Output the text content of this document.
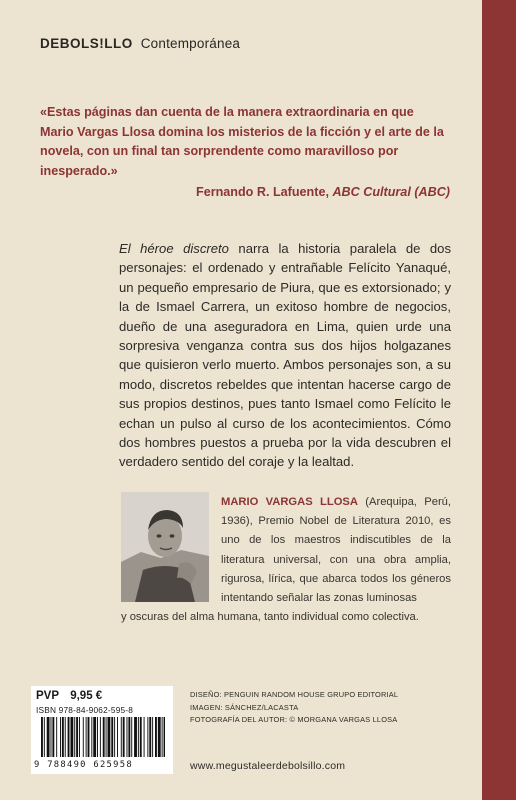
DEBOLS!LLO Contemporánea

«Estas páginas dan cuenta de la manera extraordinaria en que Mario Vargas Llosa domina los misterios de la ficción y el arte de la novela, con un final tan sorprendente como maravilloso por inesperado.»

Fernando R. Lafuente, ABC Cultural (ABC)

El héroe discreto narra la historia paralela de dos personajes: el ordenado y entrañable Felícito Yanaqué, un pequeño empresario de Piura, que es extorsionado; y la de Ismael Carrera, un exitoso hombre de negocios, dueño de una aseguradora en Lima, quien urde una sorpresiva venganza contra sus dos hijos holgazanes que quisieron verlo muerto. Ambos personajes son, a su modo, discretos rebeldes que intentan hacerse cargo de sus propios destinos, pues tanto Ismael como Felícito le echan un pulso al curso de los acontecimientos. Cómo dos hombres puestos a prueba por la vida descubren el verdadero sentido del coraje y la lealtad.

MARIO VARGAS LLOSA (Arequipa, Perú, 1936), Premio Nobel de Literatura 2010, es uno de los maestros indiscutibles de la literatura universal, con una obra amplia, rigurosa, lírica, que abarca todos los géneros intentando señalar las zonas luminosas

y oscuras del alma humana, tanto individual como colectiva.
PVP 9,95 €
ISBN 978-84-9062-595-8
9 788490 625958
DISEÑO: PENGUIN RANDOM HOUSE GRUPO EDITORIAL
IMAGEN: SÁNCHEZ/LACASTA
FOTOGRAFÍA DEL AUTOR: © MORGANA VARGAS LLOSA
www.megustaleerdebolsillo.com
